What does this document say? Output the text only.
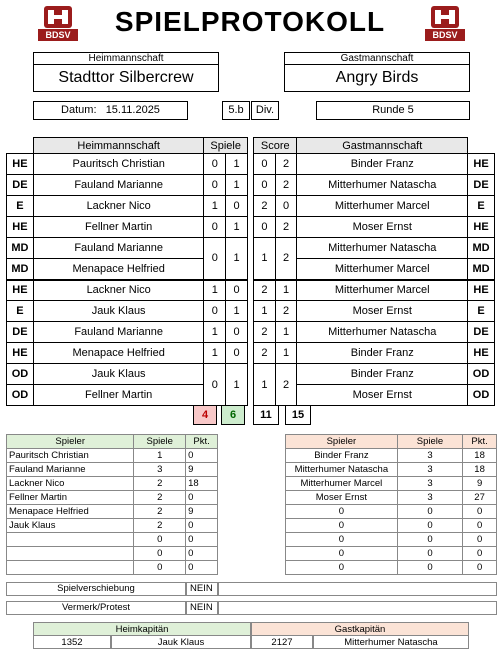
BDSV	BDSV
SPIELPROTOKOLL
Heimmannschaft
Stadttor Silbercrew
Gastmannschaft
Angry Birds
Datum: 15.11.2025	5.b	Div.	Runde 5
	Heimmannschaft	Spiele			Score		Gastmannschaft	
HE	Pauritsch Christian	0	1		0	2	Binder Franz	HE
DE	Fauland Marianne	0	1		0	2	Mitterhumer Natascha	DE
E	Lackner Nico	1	0		2	0	Mitterhumer Marcel	E
HE	Fellner Martin	0	1		0	2	Moser Ernst	HE
MD	Fauland Marianne	0	1		1	2	Mitterhumer Natascha	MD
MD	Menapace Helfried						Mitterhumer Marcel	MD
HE	Lackner Nico	1	0		2	1	Mitterhumer Marcel	HE
E	Jauk Klaus	0	1		1	2	Moser Ernst	E
DE	Fauland Marianne	1	0		2	1	Mitterhumer Natascha	DE
HE	Menapace Helfried	1	0		2	1	Binder Franz	HE
OD	Jauk Klaus	0	1		1	2	Binder Franz	OD
OD	Fellner Martin						Moser Ernst	OD
4	6	11	15
Spieler	Spiele	Pkt.
Pauritsch Christian	1	0
Fauland Marianne	3	9
Lackner Nico	2	18
Fellner Martin	2	0
Menapace Helfried	2	9
Jauk Klaus	2	0
	0	0
	0	0
	0	0
Spieler	Spiele	Pkt.
Binder Franz	3	18
Mitterhumer Natascha	3	18
Mitterhumer Marcel	3	9
Moser Ernst	3	27
0	0	0
0	0	0
0	0	0
0	0	0
0	0	0
Spielverschiebung	NEIN
Vermerk/Protest	NEIN
Heimkapitän	Gastkapitän
1352	Jauk Klaus	2127	Mitterhumer Natascha
